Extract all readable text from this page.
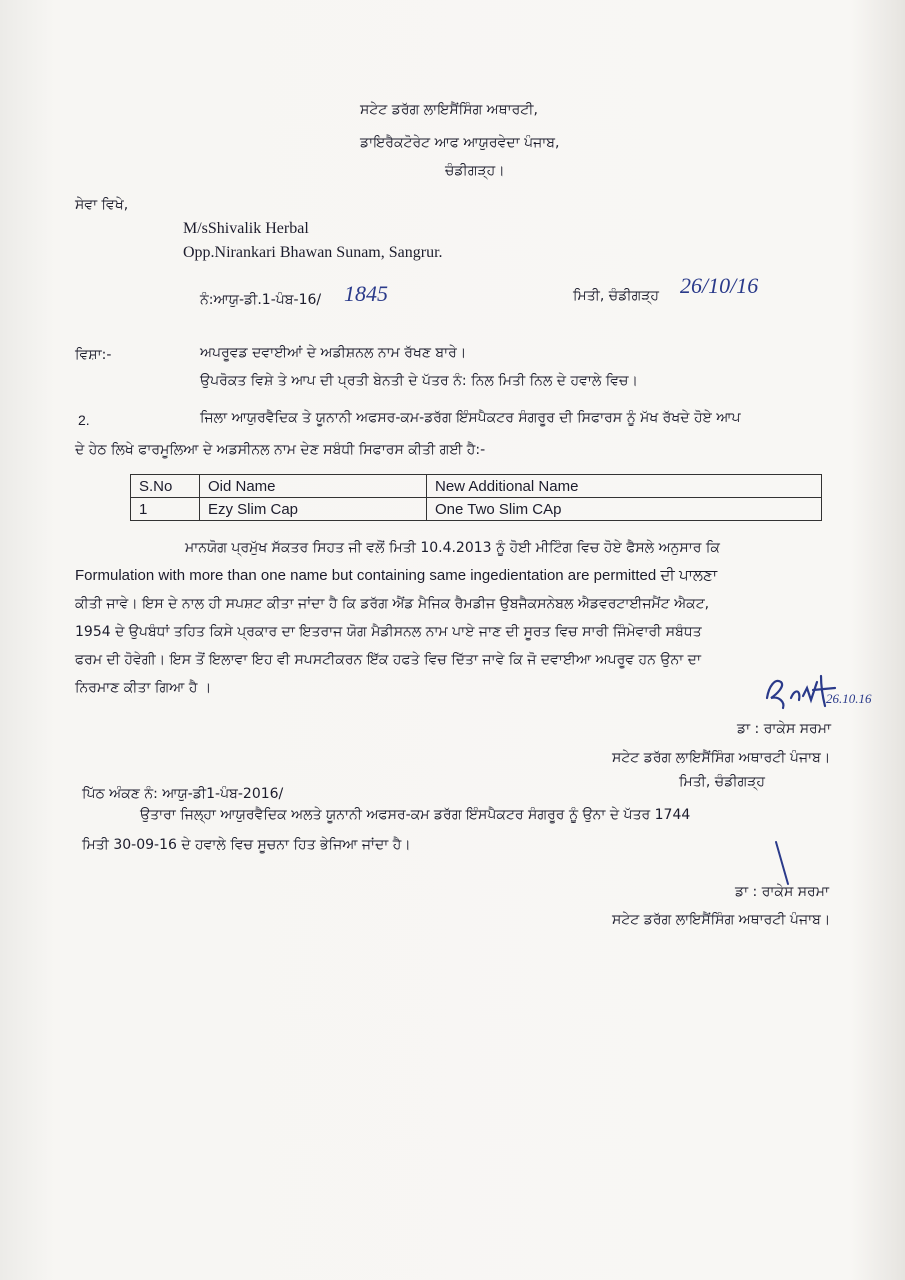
ਸਟੇਟ ਡਰੱਗ ਲਾਇਸੈਂਸਿੰਗ ਅਥਾਰਟੀ,
ਡਾਇਰੈਕਟੋਰੇਟ ਆਫ ਆਯੁਰਵੇਦਾ ਪੰਜਾਬ,
ਚੰਡੀਗੜ੍ਹ।
ਸੇਵਾ ਵਿਖੇ,
M/sShivalik Herbal
Opp.Nirankari Bhawan Sunam, Sangrur.
ਨੰ:ਆਯੁ-ਡੀ.1-ਪੰਬ-16/ 1845	ਮਿਤੀ, ਚੰਡੀਗੜ੍ਹ 26/10/16
ਵਿਸ਼ਾ:-	ਅਪਰੂਵਡ ਦਵਾਈਆਂ ਦੇ ਅਡੀਸ਼ਨਲ ਨਾਮ ਰੱਖਣ ਬਾਰੇ।
ਉਪਰੋਕਤ ਵਿਸ਼ੇ ਤੇ ਆਪ ਦੀ ਪ੍ਰਤੀ ਬੇਨਤੀ ਦੇ ਪੱਤਰ ਨੰ: ਨਿਲ ਮਿਤੀ ਨਿਲ ਦੇ ਹਵਾਲੇ ਵਿਚ।
2.	ਜਿਲਾ ਆਯੁਰਵੈਦਿਕ ਤੇ ਯੂਨਾਨੀ ਅਫਸਰ-ਕਮ-ਡਰੱਗ ਇੰਸਪੈਕਟਰ ਸੰਗਰੂਰ ਦੀ ਸਿਫਾਰਸ ਨੂੰ ਮੱਖ ਰੱਖਦੇ ਹੋਏ ਆਪ
ਦੇ ਹੇਠ ਲਿਖੇ ਫਾਰਮੂਲਿਆ ਦੇ ਅਡਸੀਨਲ ਨਾਮ ਦੇਣ ਸਬੰਧੀ ਸਿਫਾਰਸ ਕੀਤੀ ਗਈ ਹੈ:-
S.No	Oid Name	New Additional Name
1	Ezy Slim Cap	One Two Slim CAp
ਮਾਨਯੋਗ ਪ੍ਰਮੁੱਖ ਸੱਕਤਰ ਸਿਹਤ ਜੀ ਵਲੋਂ ਮਿਤੀ 10.4.2013 ਨੂੰ ਹੋਈ ਮੀਟਿੰਗ ਵਿਚ ਹੋਏ ਫੈਸਲੇ ਅਨੁਸਾਰ ਕਿ
Formulation with more than one name but containing same ingedientation are permitted ਦੀ ਪਾਲਣਾ
ਕੀਤੀ ਜਾਵੇ। ਇਸ ਦੇ ਨਾਲ ਹੀ ਸਪਸ਼ਟ ਕੀਤਾ ਜਾਂਦਾ ਹੈ ਕਿ ਡਰੱਗ ਐਂਡ ਮੈਜਿਕ ਰੈਮਡੀਜ ਉਬਜੈਕਸਨੇਬਲ ਐਡਵਰਟਾਈਜਮੈਂਟ ਐਕਟ,
1954 ਦੇ ਉਪਬੰਧਾਂ ਤਹਿਤ ਕਿਸੇ ਪ੍ਰਕਾਰ ਦਾ ਇਤਰਾਜ ਯੋਗ ਮੈਡੀਸਨਲ ਨਾਮ ਪਾਏ ਜਾਣ ਦੀ ਸੂਰਤ ਵਿਚ ਸਾਰੀ ਜਿੰਮੇਵਾਰੀ ਸਬੰਧਤ
ਫਰਮ ਦੀ ਹੋਵੇਗੀ। ਇਸ ਤੋਂ ਇਲਾਵਾ ਇਹ ਵੀ ਸਪਸਟੀਕਰਨ ਇੱਕ ਹਫਤੇ ਵਿਚ ਦਿੱਤਾ ਜਾਵੇ ਕਿ ਜੋ ਦਵਾਈਆ ਅਪਰੂਵ ਹਨ ਉਨਾ ਦਾ
ਨਿਰਮਾਣ ਕੀਤਾ ਗਿਆ ਹੈ ।
26.10.16
ਡਾ : ਰਾਕੇਸ ਸਰਮਾ
ਸਟੇਟ ਡਰੱਗ ਲਾਇਸੈਂਸਿੰਗ ਅਥਾਰਟੀ ਪੰਜਾਬ।
ਮਿਤੀ, ਚੰਡੀਗੜ੍ਹ
ਪਿੱਠ ਅੰਕਣ ਨੰ: ਆਯੁ-ਡੀ1-ਪੰਬ-2016/
ਉਤਾਰਾ ਜਿਲ੍ਹਾ ਆਯੁਰਵੈਦਿਕ ਅਲਤੇ ਯੂਨਾਨੀ ਅਫਸਰ-ਕਮ ਡਰੱਗ ਇੰਸਪੈਕਟਰ ਸੰਗਰੂਰ ਨੂੰ ਉਨਾ ਦੇ ਪੱਤਰ 1744
ਮਿਤੀ 30-09-16 ਦੇ ਹਵਾਲੇ ਵਿਚ ਸੂਚਨਾ ਹਿਤ ਭੇਜਿਆ ਜਾਂਦਾ ਹੈ।
ਡਾ : ਰਾਕੇਸ ਸਰਮਾ
ਸਟੇਟ ਡਰੱਗ ਲਾਇਸੈਂਸਿੰਗ ਅਥਾਰਟੀ ਪੰਜਾਬ।
